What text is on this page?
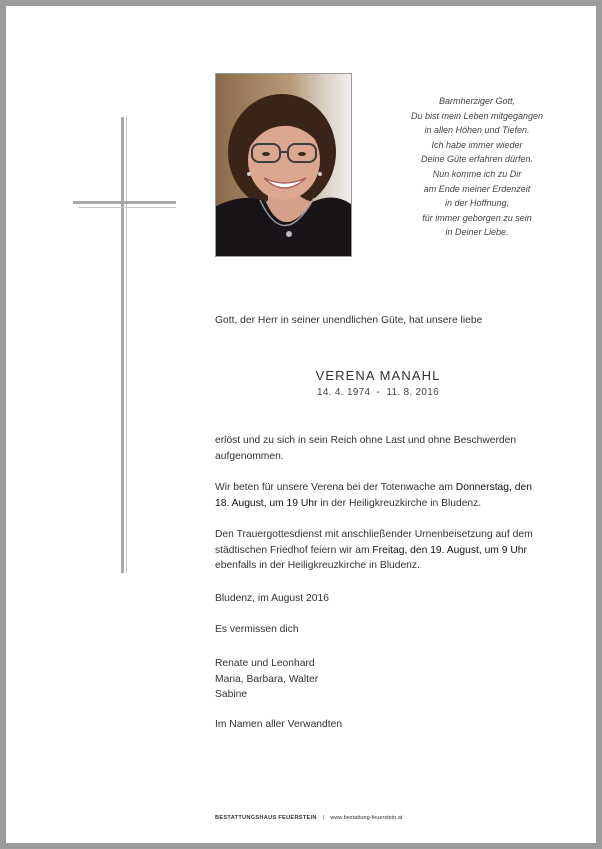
Barmherziger Gott,
Du bist mein Leben mitgegangen
in allen Höhen und Tiefen.
Ich habe immer wieder
Deine Güte erfahren dürfen.
Nun komme ich zu Dir
am Ende meiner Erdenzeit
in der Hoffnung,
für immer geborgen zu sein
in Deiner Liebe.
Gott, der Herr in seiner unendlichen Güte, hat unsere liebe
VERENA MANAHL
14. 4. 1974  -  11. 8. 2016
erlöst und zu sich in sein Reich ohne Last und ohne Beschwerden aufgenommen.
Wir beten für unsere Verena bei der Totenwache am Donnerstag, den 18. August, um 19 Uhr in der Heiligkreuzkirche in Bludenz.
Den Trauergottesdienst mit anschließender Urnenbeisetzung auf dem städtischen Friedhof feiern wir am Freitag, den 19. August, um 9 Uhr ebenfalls in der Heiligkreuzkirche in Bludenz.
Bludenz, im August 2016
Es vermissen dich
Renate und Leonhard
Maria, Barbara, Walter
Sabine
Im Namen aller Verwandten
BESTATTUNGSHAUS FEUERSTEIN | www.bestattung-feuerstein.at
